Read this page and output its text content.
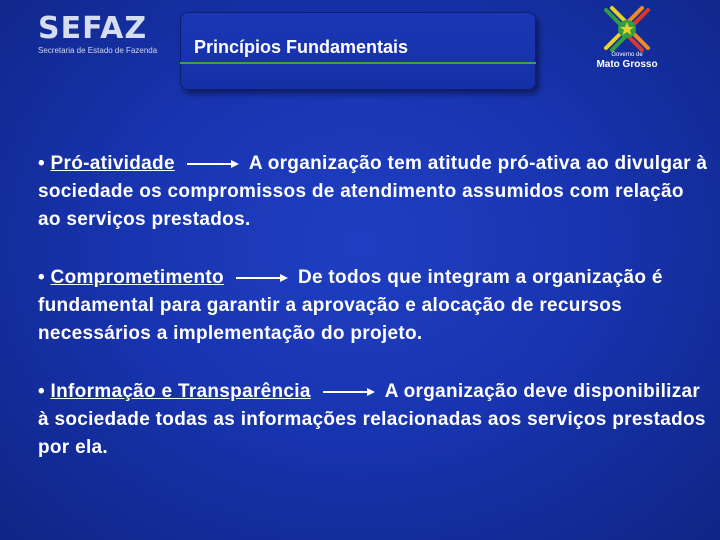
SEFAZ
Secretaria de Estado de Fazenda Princípios Fundamentais	Governo de
Mato Grosso

• Pró-atividade	A organização tem atitude pró-ativa ao divulgar à sociedade os compromissos de atendimento assumidos com relação ao serviços prestados.

• Comprometimento	De todos que integram a organização é fundamental para garantir a aprovação e alocação de recursos necessários a implementação do projeto.

• Informação e Transparência	A organização deve disponibilizar à sociedade todas as informações relacionadas aos serviços prestados por ela.
